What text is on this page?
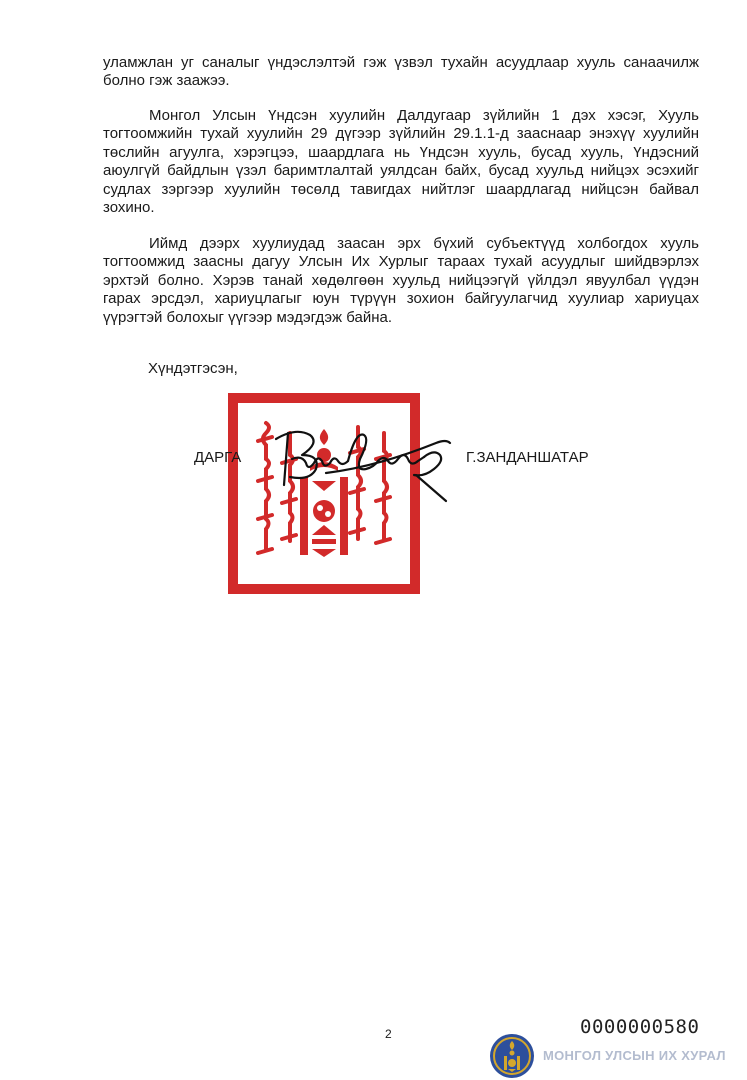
уламжлан уг саналыг үндэслэлтэй гэж үзвэл тухайн асуудлаар хууль санаачилж
болно гэж заажээ.

Монгол Улсын Үндсэн хуулийн Далдугаар зүйлийн 1 дэх хэсэг, Хууль
тогтоомжийн тухай хуулийн 29 дүгээр зүйлийн 29.1.1-д зааснаар энэхүү хуулийн
төслийн агуулга, хэрэгцээ, шаардлага нь Үндсэн хууль, бусад хууль, Үндэсний
аюулгүй байдлын үзэл баримтлалтай уялдсан байх, бусад хуульд нийцэх эсэхийг
судлах зэргээр хуулийн төсөлд тавигдах нийтлэг шаардлагад нийцсэн байвал
зохино.

Иймд дээрх хуулиудад заасан эрх бүхий субъектүүд холбогдох хууль
тогтоомжид заасны дагуу Улсын Их Хурлыг тараах тухай асуудлыг шийдвэрлэх
эрхтэй болно. Хэрэв танай хөдөлгөөн хуульд нийцээгүй үйлдэл явуулбал үүдэн
гарах эрсдэл, хариуцлагыг юун түрүүн зохион байгуулагчид хуулиар хариуцах
үүрэгтэй болохыг үүгээр мэдэгдэж байна.

Хүндэтгэсэн,
ДАРГА	Г.ЗАНДАНШАТАР
2	0000000580
МОНГОЛ УЛСЫН ИХ ХУРАЛ
